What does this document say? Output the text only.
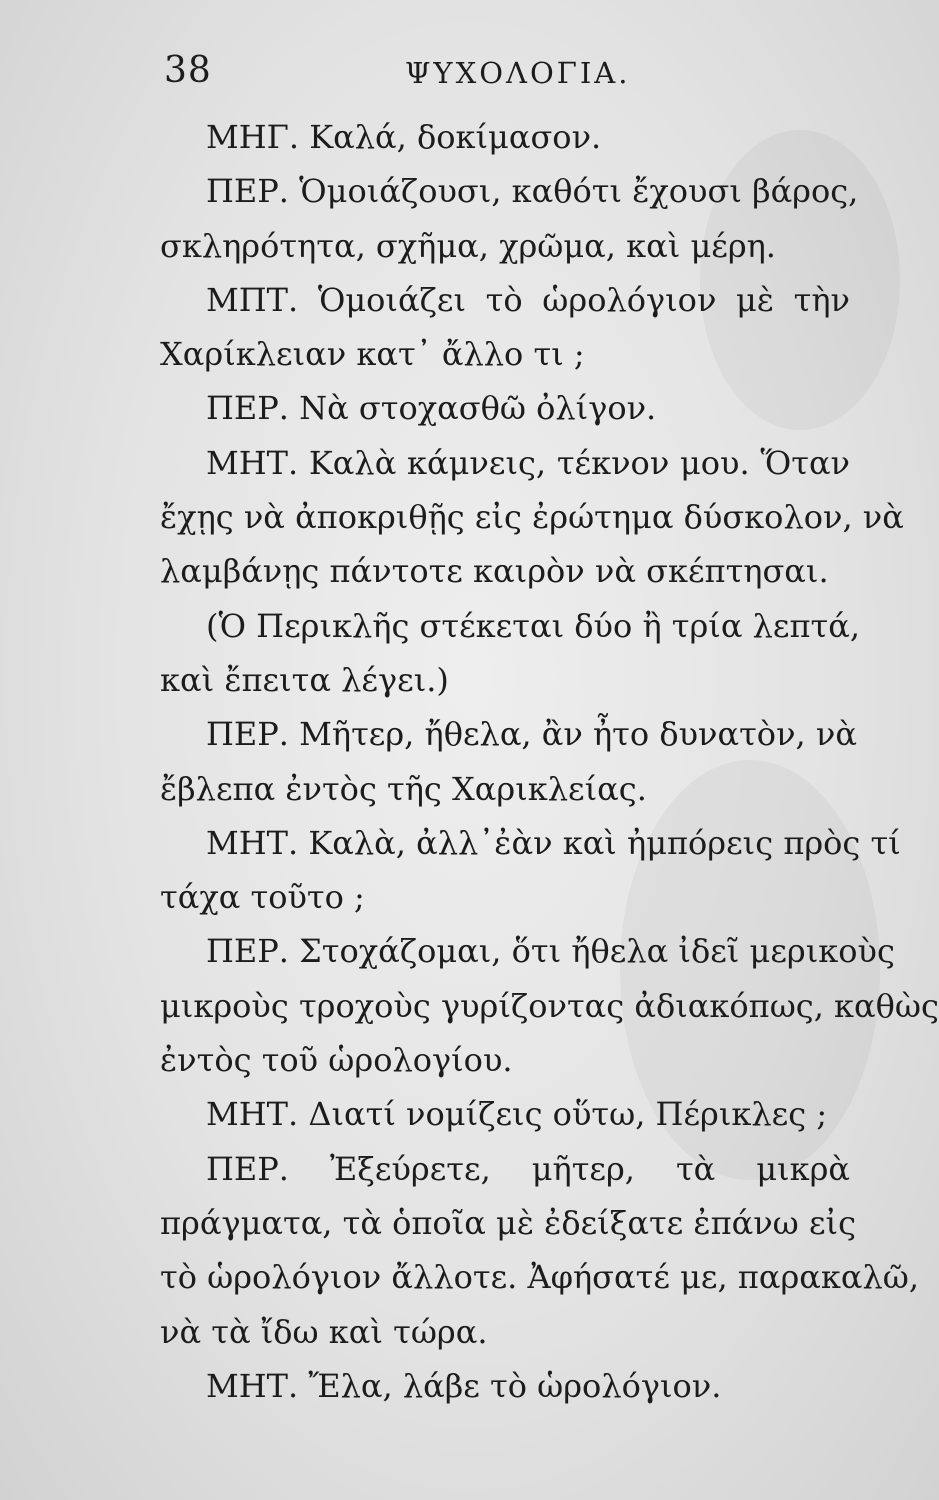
38	ΨΥΧΟΛΟΓΙΑ.
ΜΗΓ. Καλά, δοκίμασον.
ΠΕΡ. Ὁμοιάζουσι, καθότι ἔχουσι βάρος,
σκληρότητα, σχῆμα, χρῶμα, καὶ μέρη.
ΜΠΤ. Ὁμοιάζει τὸ ὡρολόγιον μὲ τὴν
Χαρίκλειαν κατ᾽ ἄλλο τι ;
ΠΕΡ. Νὰ στοχασθῶ ὀλίγον.
ΜΗΤ. Καλὰ κάμνεις, τέκνον μου. Ὅταν
ἔχῃς νὰ ἀποκριθῇς εἰς ἐρώτημα δύσκολον, νὰ
λαμβάνῃς πάντοτε καιρὸν νὰ σκέπτησαι.
(Ὁ Περικλῆς στέκεται δύο ἢ τρία λεπτά,
καὶ ἔπειτα λέγει.)
ΠΕΡ. Μῆτερ, ἤθελα, ἂν ἦτο δυνατὸν, νὰ
ἔβλεπα ἐντὸς τῆς Χαρικλείας.
ΜΗΤ. Καλὰ, ἀλλ᾽ἐὰν καὶ ἠμπόρεις πρὸς τί
τάχα τοῦτο ;
ΠΕΡ. Στοχάζομαι, ὅτι ἤθελα ἰδεῖ μερικοὺς
μικροὺς τροχοὺς γυρίζοντας ἀδιακόπως, καθὼς
ἐντὸς τοῦ ὡρολογίου.
ΜΗΤ. Διατί νομίζεις οὕτω, Πέρικλες ;
ΠΕΡ. Ἐξεύρετε, μῆτερ, τὰ μικρὰ
πράγματα, τὰ ὁποῖα μὲ ἐδείξατε ἐπάνω εἰς
τὸ ὡρολόγιον ἄλλοτε. Ἀφήσατέ με, παρακαλῶ,
νὰ τὰ ἴδω καὶ τώρα.
ΜΗΤ. Ἔλα, λάβε τὸ ὡρολόγιον.
